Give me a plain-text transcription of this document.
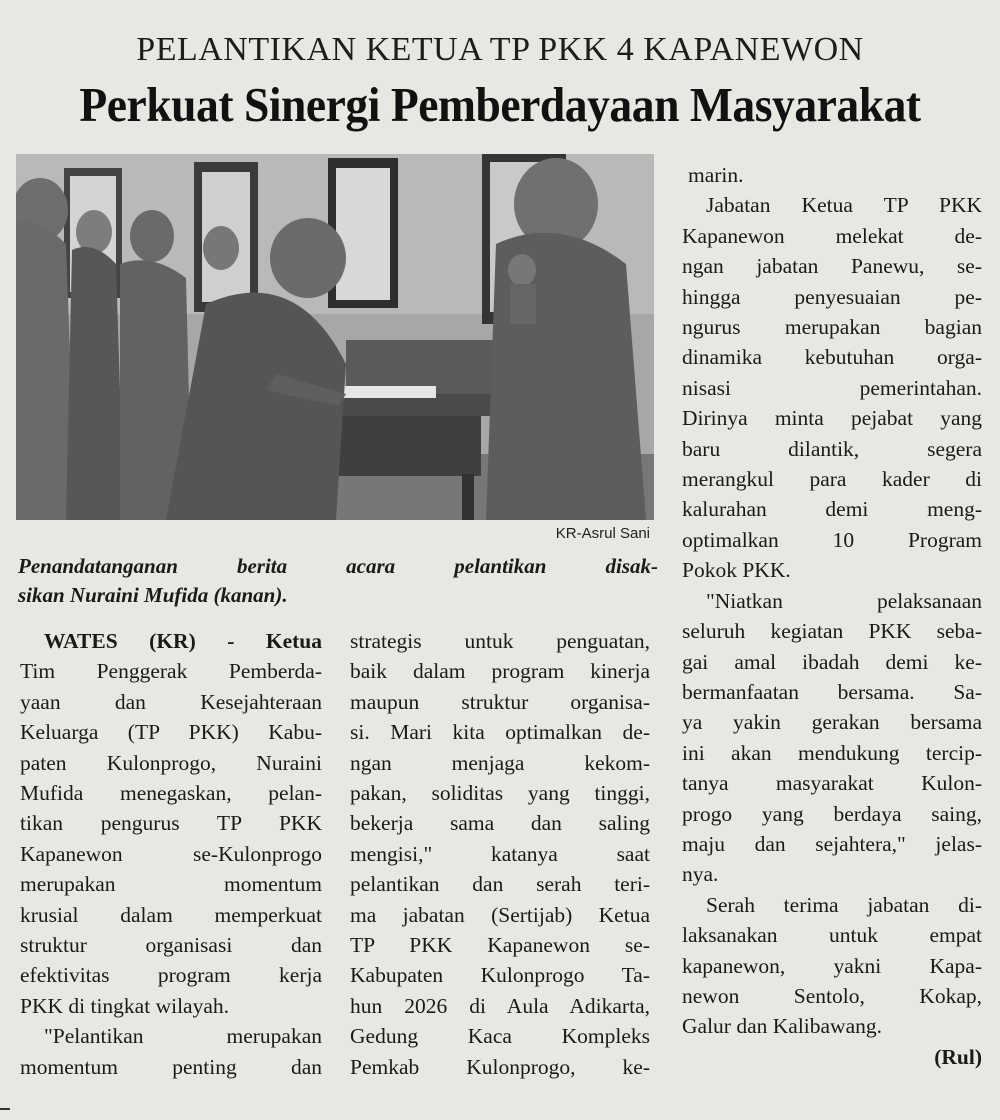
PELANTIKAN KETUA TP PKK 4 KAPANEWON
Perkuat Sinergi Pemberdayaan Masyarakat
KR-Asrul Sani
Penandatanganan berita acara pelantikan disak-
sikan Nuraini Mufida (kanan).
WATES (KR) - Ketua
Tim Penggerak Pemberda-
yaan dan Kesejahteraan
Keluarga (TP PKK) Kabu-
paten Kulonprogo, Nuraini
Mufida menegaskan, pelan-
tikan pengurus TP PKK
Kapanewon se-Kulonprogo
merupakan momentum
krusial dalam memperkuat
struktur organisasi dan
efektivitas program kerja
PKK di tingkat wilayah.
"Pelantikan merupakan
momentum penting dan
strategis untuk penguatan,
baik dalam program kinerja
maupun struktur organisa-
si. Mari kita optimalkan de-
ngan menjaga kekom-
pakan, soliditas yang tinggi,
bekerja sama dan saling
mengisi," katanya saat
pelantikan dan serah teri-
ma jabatan (Sertijab) Ketua
TP PKK Kapanewon se-
Kabupaten Kulonprogo Ta-
hun 2026 di Aula Adikarta,
Gedung Kaca Kompleks
Pemkab Kulonprogo, ke-
marin.
Jabatan Ketua TP PKK
Kapanewon melekat de-
ngan jabatan Panewu, se-
hingga penyesuaian pe-
ngurus merupakan bagian
dinamika kebutuhan orga-
nisasi pemerintahan.
Dirinya minta pejabat yang
baru dilantik, segera
merangkul para kader di
kalurahan demi meng-
optimalkan 10 Program
Pokok PKK.
"Niatkan pelaksanaan
seluruh kegiatan PKK seba-
gai amal ibadah demi ke-
bermanfaatan bersama. Sa-
ya yakin gerakan bersama
ini akan mendukung tercip-
tanya masyarakat Kulon-
progo yang berdaya saing,
maju dan sejahtera," jelas-
nya.
Serah terima jabatan di-
laksanakan untuk empat
kapanewon, yakni Kapa-
newon Sentolo, Kokap,
Galur dan Kalibawang.
(Rul)
